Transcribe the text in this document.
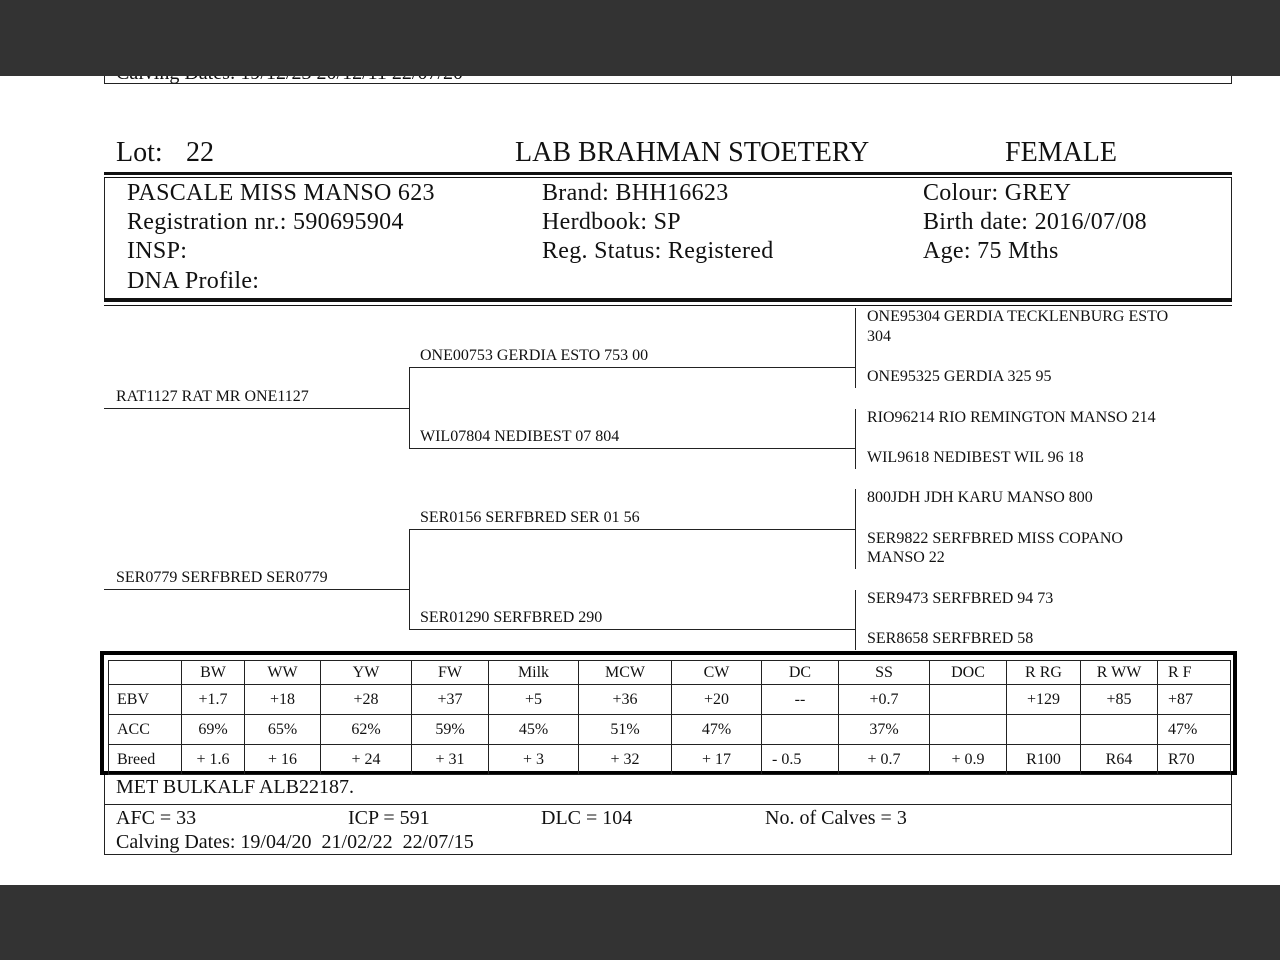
Lot: 22	LAB BRAHMAN STOETERY	FEMALE
PASCALE MISS MANSO 623
Registration nr.: 590695904
INSP:
DNA Profile:
Brand: BHH16623
Herdbook: SP
Reg. Status: Registered
Colour: GREY
Birth date: 2016/07/08
Age: 75 Mths
RAT1127 RAT MR ONE1127
SER0779 SERFBRED SER0779
ONE00753 GERDIA ESTO 753 00
WIL07804 NEDIBEST 07 804
SER0156 SERFBRED SER 01 56
SER01290 SERFBRED 290
ONE95304 GERDIA TECKLENBURG ESTO
304
ONE95325 GERDIA 325 95
RIO96214 RIO REMINGTON MANSO 214
WIL9618 NEDIBEST WIL 96 18
800JDH JDH KARU MANSO 800
SER9822 SERFBRED MISS COPANO
MANSO 22
SER9473 SERFBRED 94 73
SER8658 SERFBRED 58
	BW	WW	YW	FW	Milk	MCW	CW	DC	SS	DOC	R RG	R WW	R F
EBV	+1.7	+18	+28	+37	+5	+36	+20	--	+0.7		+129	+85	+87
ACC	69%	65%	62%	59%	45%	51%	47%		37%				47%
Breed	+ 1.6	+ 16	+ 24	+ 31	+ 3	+ 32	+ 17	- 0.5	+ 0.7	+ 0.9	R100	R64	R70
MET BULKALF ALB22187.
AFC = 33	ICP = 591	DLC = 104	No. of Calves = 3
Calving Dates: 19/04/20  21/02/22  22/07/15
